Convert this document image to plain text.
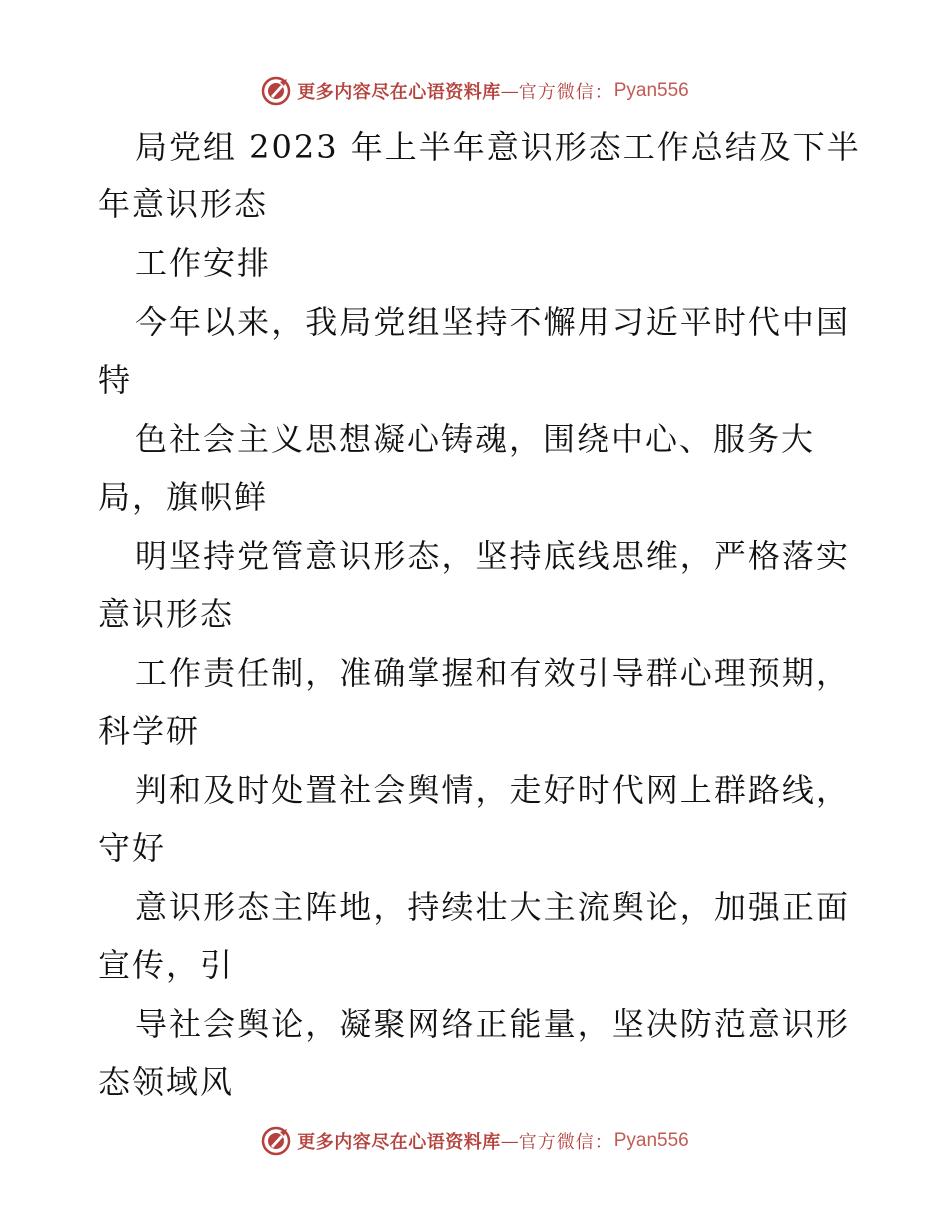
更多内容尽在心语资料库 — 官方微信： Pyan556
局党组 2023 年上半年意识形态工作总结及下半
年意识形态
工作安排
今年以来，我局党组坚持不懈用习近平时代中国
特
色社会主义思想凝心铸魂，围绕中心、服务大
局，旗帜鲜
明坚持党管意识形态，坚持底线思维，严格落实
意识形态
工作责任制，准确掌握和有效引导群心理预期，
科学研
判和及时处置社会舆情，走好时代网上群路线，
守好
意识形态主阵地，持续壮大主流舆论，加强正面
宣传，引
导社会舆论，凝聚网络正能量，坚决防范意识形
态领域风
更多内容尽在心语资料库 — 官方微信： Pyan556
